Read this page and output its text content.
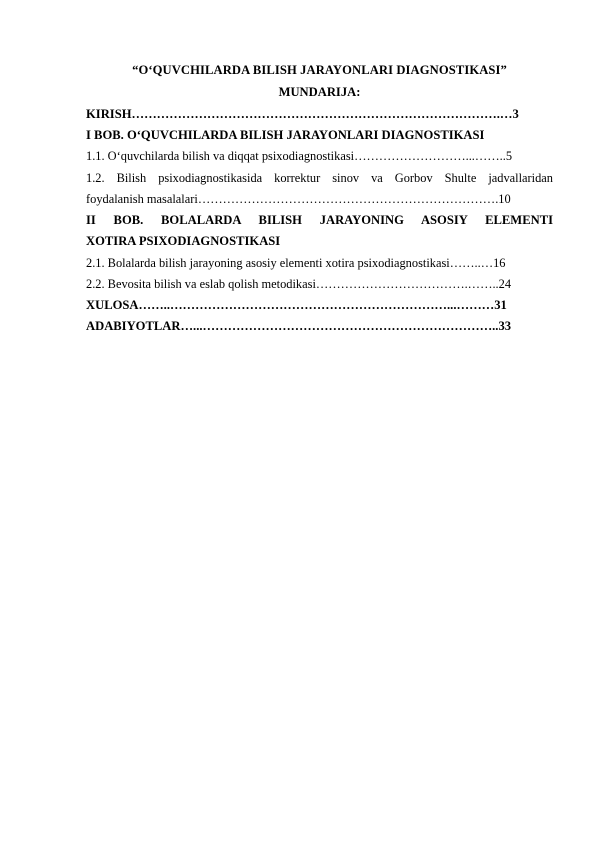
“O‘QUVCHILARDA BILISH JARAYONLARI DIAGNOSTIKASI”
MUNDARIJA:
KIRISH…………………………………………………………………………….…3
I BOB. O‘QUVCHILARDA BILISH JARAYONLARI DIAGNOSTIKASI
1.1. O‘quvchilarda bilish va diqqat psixodiagnostikasi………………………...……..5
1.2. Bilish psixodiagnostikasida korrektur sinov va Gorbov Shulte jadvallaridan
foydalanish masalalari……………………………………………………………….10
II BOB. BOLALARDA BILISH JARAYONING ASOSIY ELEMENTI
XOTIRA PSIXODIAGNOSTIKASI
2.1. Bolalarda bilish jarayoning asosiy elementi xotira psixodiagnostikasi……..…16
2.2. Bevosita bilish va eslab qolish metodikasi……………………………….……..24
XULOSA……..…………………………………………………………...………31
ADABIYOTLAR…...……………………………………………………………..33
